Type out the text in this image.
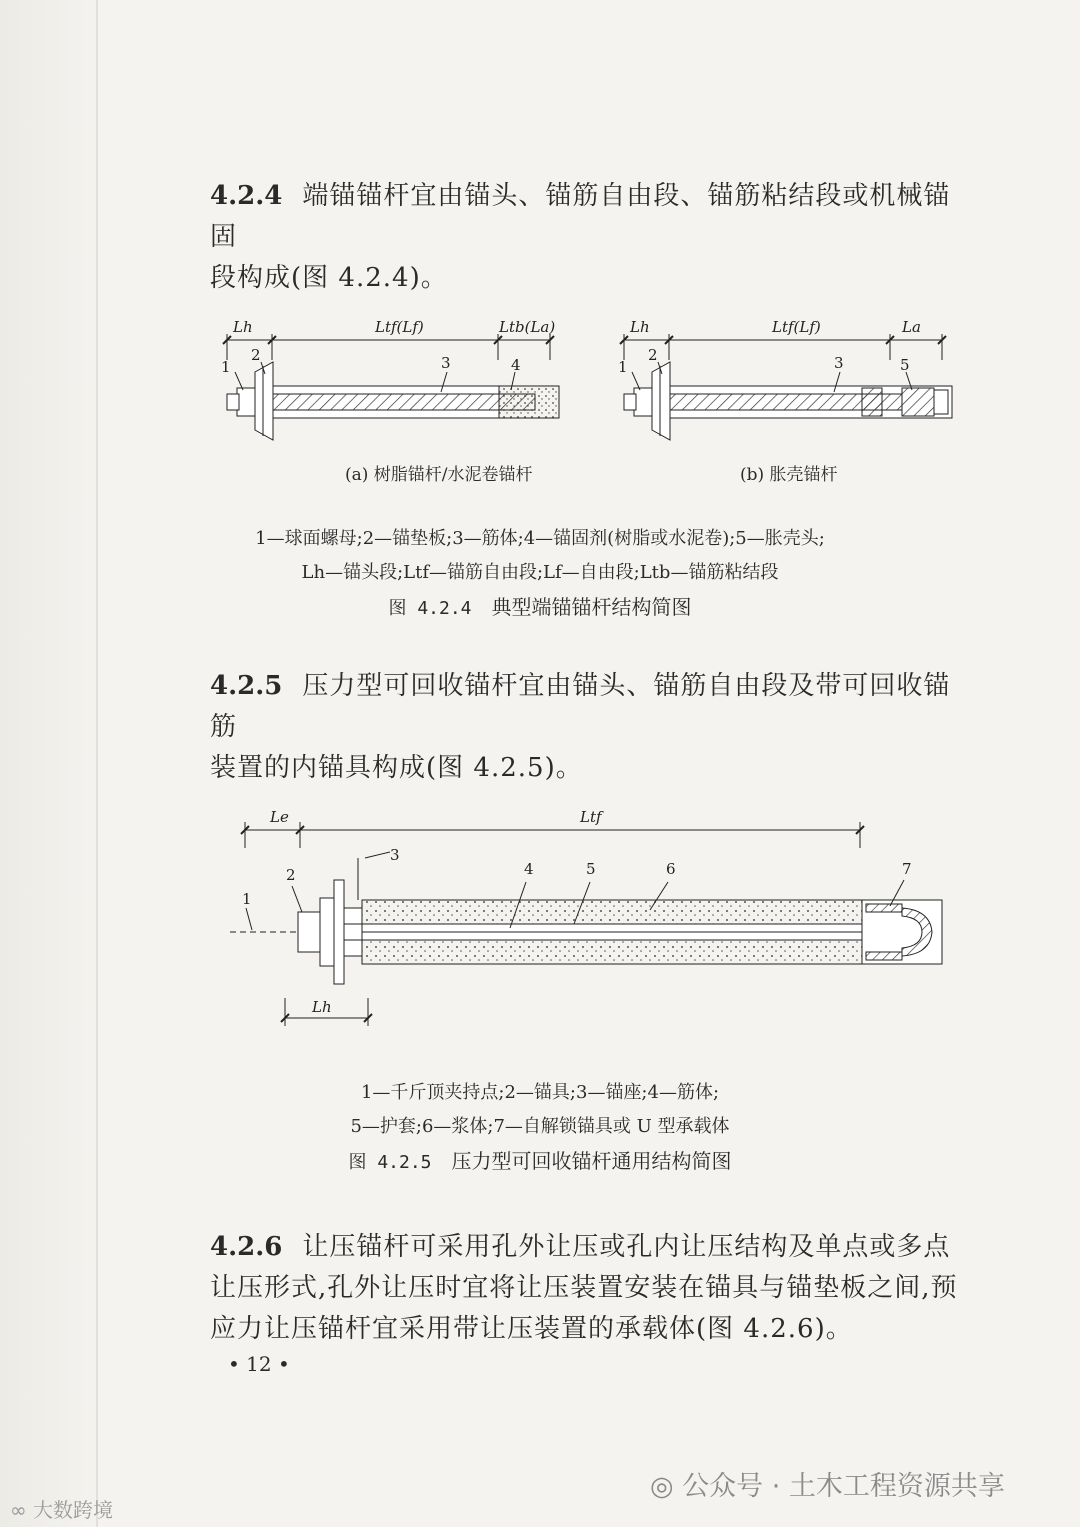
4.2.4 端锚锚杆宜由锚头、锚筋自由段、锚筋粘结段或机械锚固
段构成(图 4.2.4)。
Lh	Ltf(Lf)	Ltb(La)
1
2	3	4
Lh	Ltf(Lf)	La
1
2	3	5
(a) 树脂锚杆/水泥卷锚杆	(b) 胀壳锚杆
1—球面螺母;2—锚垫板;3—筋体;4—锚固剂(树脂或水泥卷);5—胀壳头;
Lh—锚头段;Ltf—锚筋自由段;Lf—自由段;Ltb—锚筋粘结段
图 4.2.4 典型端锚锚杆结构简图
4.2.5 压力型可回收锚杆宜由锚头、锚筋自由段及带可回收锚筋
装置的内锚具构成(图 4.2.5)。
Le	Ltf
Lh
1
2
3
4	5	6	7
1—千斤顶夹持点;2—锚具;3—锚座;4—筋体;
5—护套;6—浆体;7—自解锁锚具或 U 型承载体
图 4.2.5 压力型可回收锚杆通用结构简图
4.2.6 让压锚杆可采用孔外让压或孔内让压结构及单点或多点
让压形式,孔外让压时宜将让压装置安装在锚具与锚垫板之间,预
应力让压锚杆宜采用带让压装置的承载体(图 4.2.6)。
• 12 •
∞ 大数跨境
◎ 公众号 · 土木工程资源共享
